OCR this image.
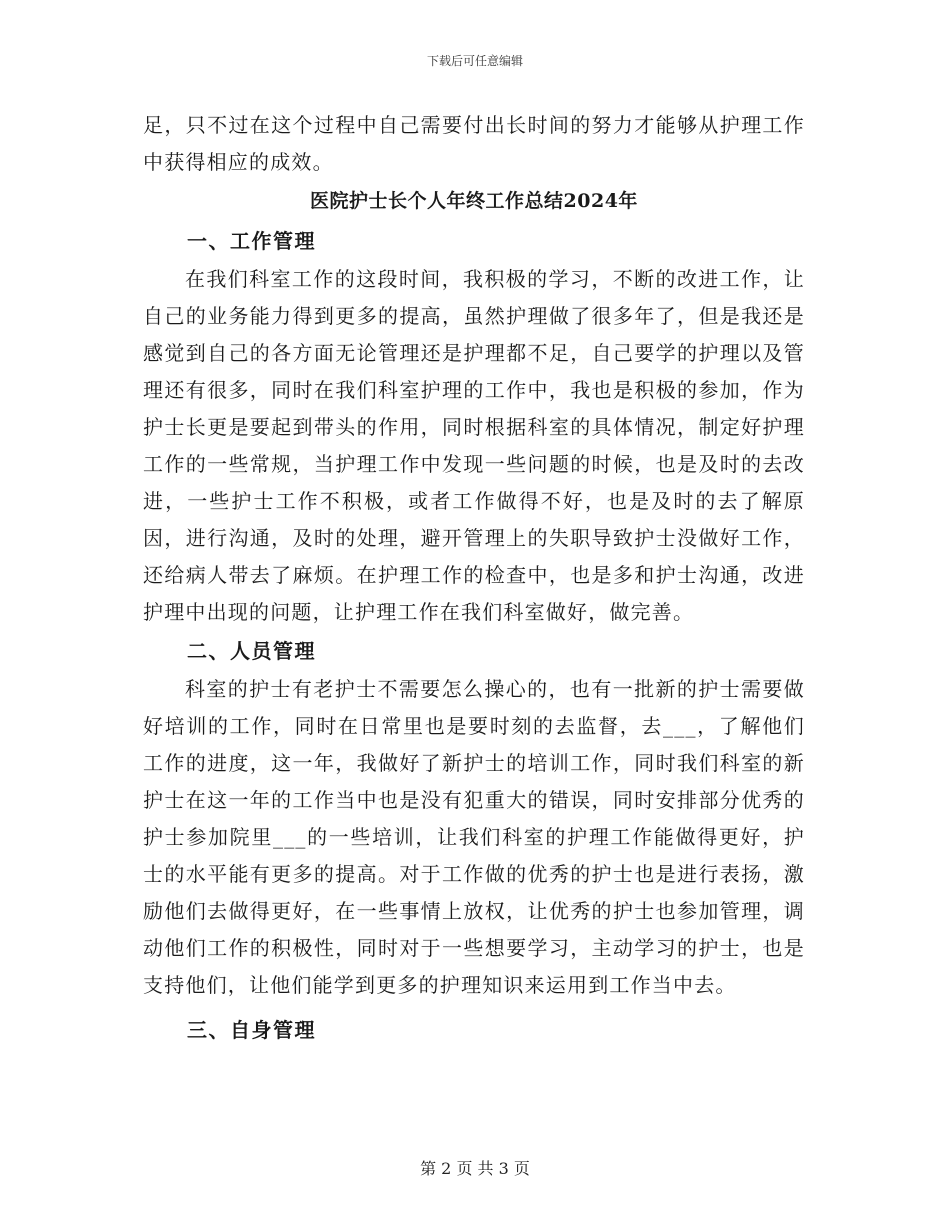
下载后可任意编辑

足，只不过在这个过程中自己需要付出长时间的努力才能够从护理工作中获得相应的成效。

医院护士长个人年终工作总结2024年
一、工作管理

在我们科室工作的这段时间，我积极的学习，不断的改进工作，让自己的业务能力得到更多的提高，虽然护理做了很多年了，但是我还是感觉到自己的各方面无论管理还是护理都不足，自己要学的护理以及管理还有很多，同时在我们科室护理的工作中，我也是积极的参加，作为护士长更是要起到带头的作用，同时根据科室的具体情况，制定好护理工作的一些常规，当护理工作中发现一些问题的时候，也是及时的去改进，一些护士工作不积极，或者工作做得不好，也是及时的去了解原因，进行沟通，及时的处理，避开管理上的失职导致护士没做好工作，还给病人带去了麻烦。在护理工作的检查中，也是多和护士沟通，改进护理中出现的问题，让护理工作在我们科室做好，做完善。

二、人员管理

科室的护士有老护士不需要怎么操心的，也有一批新的护士需要做好培训的工作，同时在日常里也是要时刻的去监督，去___，了解他们工作的进度，这一年，我做好了新护士的培训工作，同时我们科室的新护士在这一年的工作当中也是没有犯重大的错误，同时安排部分优秀的护士参加院里___的一些培训，让我们科室的护理工作能做得更好，护士的水平能有更多的提高。对于工作做的优秀的护士也是进行表扬，激励他们去做得更好，在一些事情上放权，让优秀的护士也参加管理，调动他们工作的积极性，同时对于一些想要学习，主动学习的护士，也是支持他们，让他们能学到更多的护理知识来运用到工作当中去。

三、自身管理
第 2 页 共 3 页
